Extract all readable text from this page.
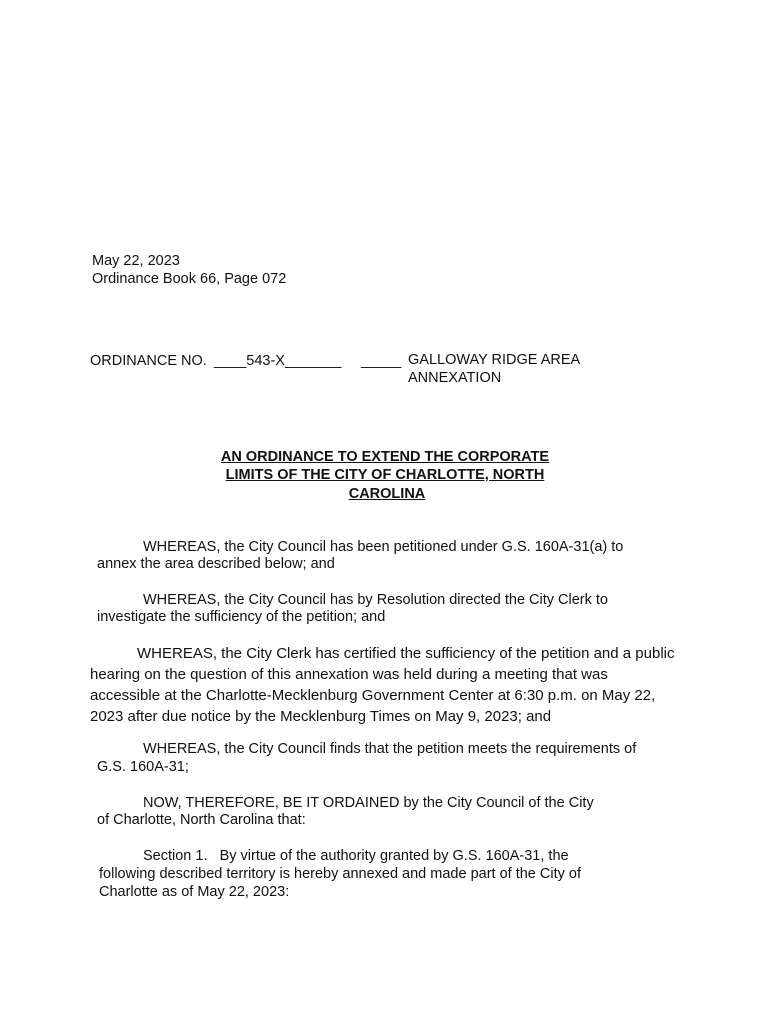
May 22, 2023
Ordinance Book 66, Page 072
ORDINANCE NO. ____543-X_______ _____ GALLOWAY RIDGE AREA
ANNEXATION
AN ORDINANCE TO EXTEND THE CORPORATE
LIMITS OF THE CITY OF CHARLOTTE, NORTH
CAROLINA
WHEREAS, the City Council has been petitioned under G.S. 160A-31(a) to
annex the area described below; and
WHEREAS, the City Council has by Resolution directed the City Clerk to
investigate the sufficiency of the petition; and
WHEREAS, the City Clerk has certified the sufficiency of the petition and a public
hearing on the question of this annexation was held during a meeting that was
accessible at the Charlotte-Mecklenburg Government Center at 6:30 p.m. on May 22,
2023 after due notice by the Mecklenburg Times on May 9, 2023; and
WHEREAS, the City Council finds that the petition meets the requirements of
G.S. 160A-31;
NOW, THEREFORE, BE IT ORDAINED by the City Council of the City
of Charlotte, North Carolina that:
Section 1.   By virtue of the authority granted by G.S. 160A-31, the
following described territory is hereby annexed and made part of the City of
Charlotte as of May 22, 2023:
